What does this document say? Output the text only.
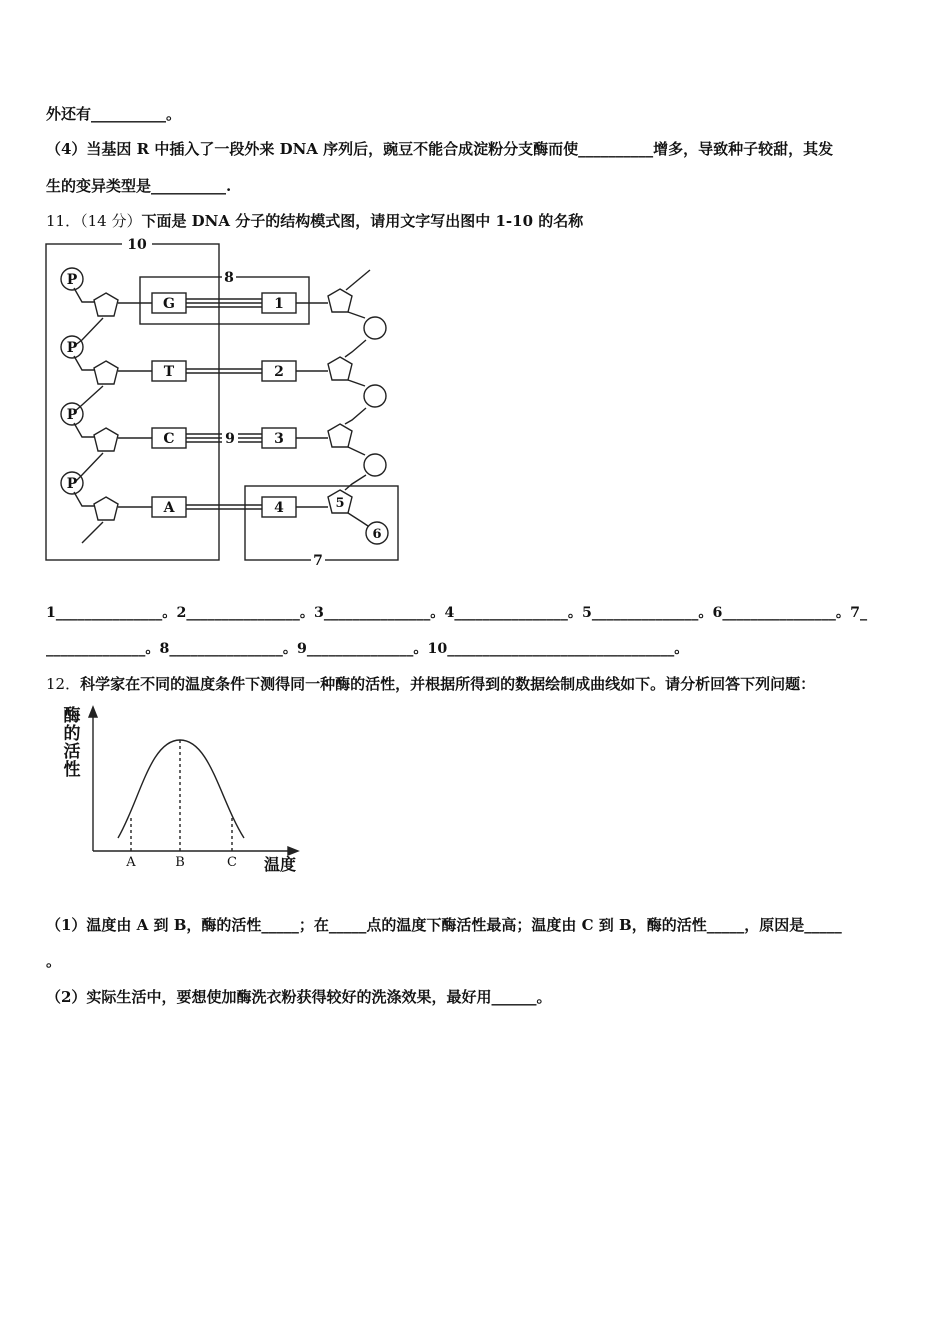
外还有__________。
（4）当基因 R 中插入了一段外来 DNA 序列后，豌豆不能合成淀粉分支酶而使__________增多，导致种子较甜，其发
生的变异类型是__________.
11．（14 分）下面是 DNA 分子的结构模式图，请用文字写出图中 1-10 的名称
P
P
P
P
G
T
C
A
1
2
3
4	5
6
9
10
8
7
1_______________。2________________。3_______________。4________________。5_______________。6________________。7_
______________。8________________。9_______________。10________________________________。
12．科学家在不同的温度条件下测得同一种酶的活性，并根据所得到的数据绘制成曲线如下。请分析回答下列问题：
酶
的
活
性
A	B	C 温度
（1）温度由 A 到 B，酶的活性_____；在_____点的温度下酶活性最高；温度由 C 到 B，酶的活性_____，原因是_____
。
（2）实际生活中，要想使加酶洗衣粉获得较好的洗涤效果，最好用______。
